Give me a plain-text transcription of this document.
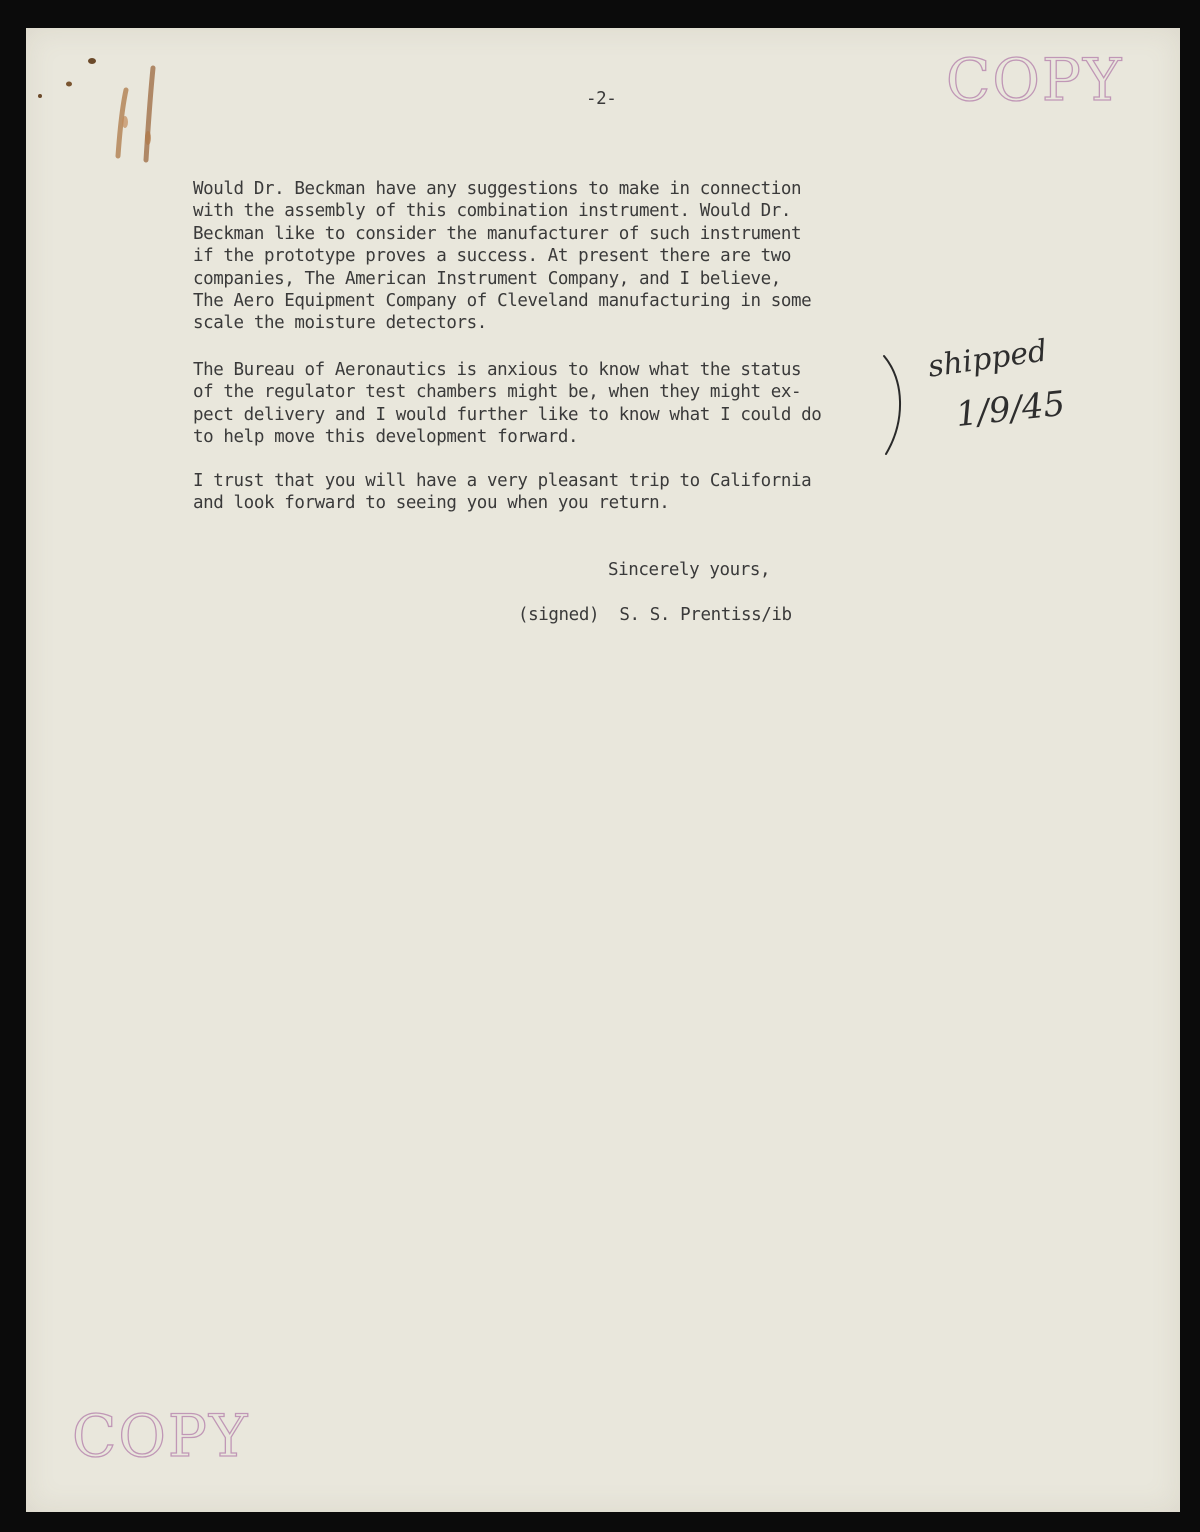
COPY
-2-
Would Dr. Beckman have any suggestions to make in connection
with the assembly of this combination instrument. Would Dr.
Beckman like to consider the manufacturer of such instrument
if the prototype proves a success. At present there are two
companies, The American Instrument Company, and I believe,
The Aero Equipment Company of Cleveland manufacturing in some
scale the moisture detectors.
The Bureau of Aeronautics is anxious to know what the status
of the regulator test chambers might be, when they might ex-
pect delivery and I would further like to know what I could do
to help move this development forward.
I trust that you will have a very pleasant trip to California
and look forward to seeing you when you return.
Sincerely yours,
(signed)  S. S. Prentiss/ib
shipped
1/9/45
COPY
